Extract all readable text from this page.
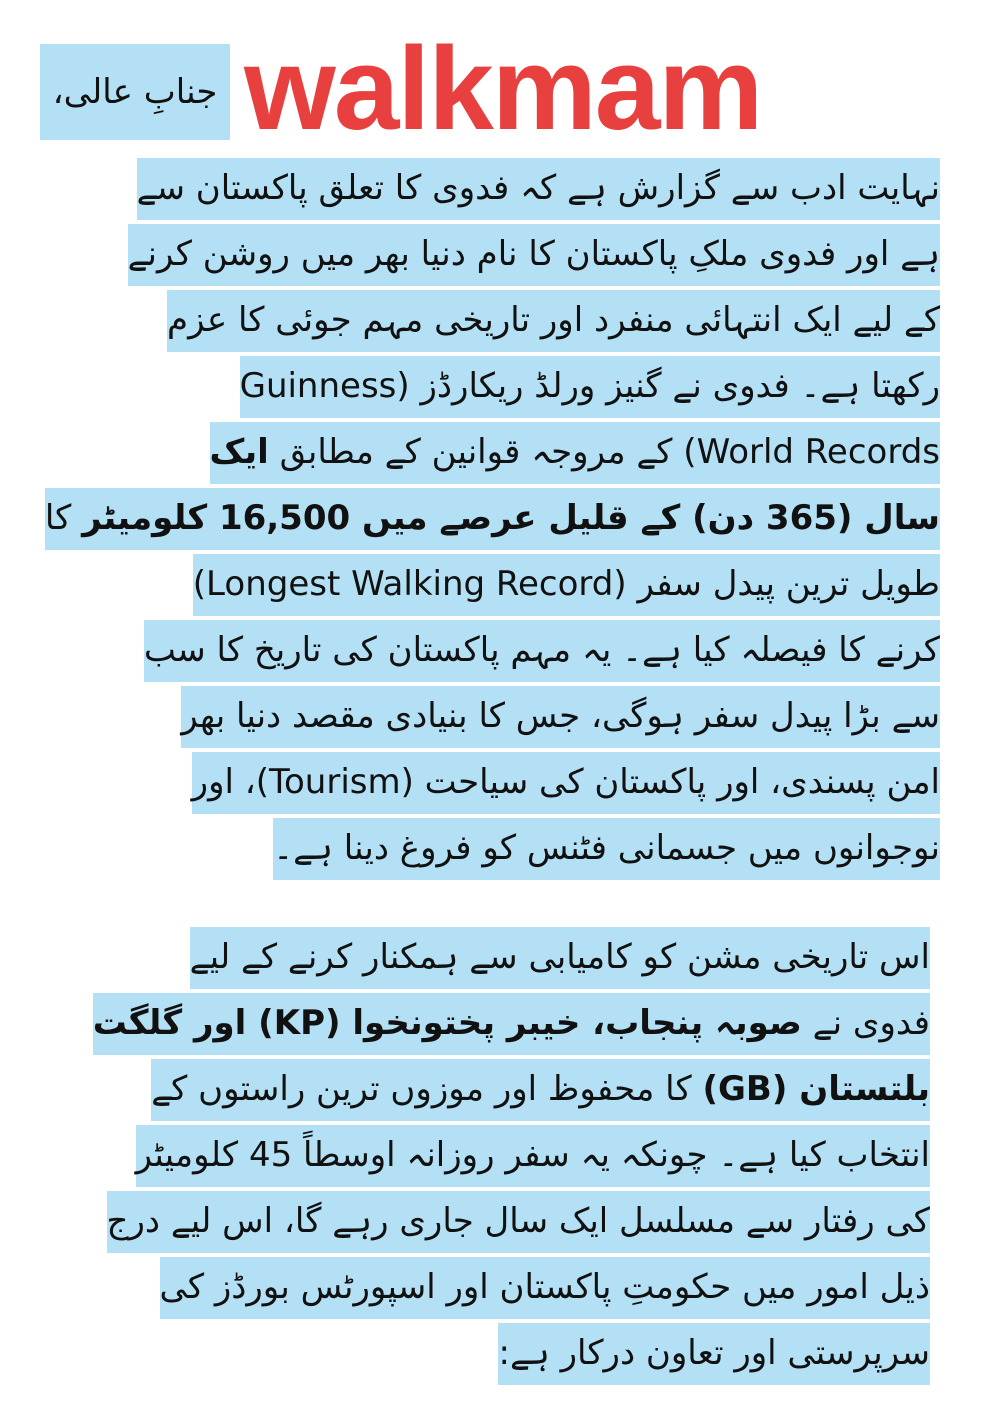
جنابِ عالی، walkmam
نہایت ادب سے گزارش ہے کہ فدوی کا تعلق پاکستان سے
ہے اور فدوی ملکِ پاکستان کا نام دنیا بھر میں روشن کرنے
کے لیے ایک انتہائی منفرد اور تاریخی مہم جوئی کا عزم
رکھتا ہے۔ فدوی نے گنیز ورلڈ ریکارڈز (Guinness
World Records) کے مروجہ قوانین کے مطابق ایک
سال (365 دن) کے قلیل عرصے میں 16,500 کلومیٹر کا
طویل ترین پیدل سفر (Longest Walking Record)
کرنے کا فیصلہ کیا ہے۔ یہ مہم پاکستان کی تاریخ کا سب
سے بڑا پیدل سفر ہوگی، جس کا بنیادی مقصد دنیا بھر
امن پسندی، اور پاکستان کی سیاحت (Tourism)، اور
نوجوانوں میں جسمانی فٹنس کو فروغ دینا ہے۔
اس تاریخی مشن کو کامیابی سے ہمکنار کرنے کے لیے
فدوی نے صوبہ پنجاب، خیبر پختونخوا (KP) اور گلگت
بلتستان (GB) کا محفوظ اور موزوں ترین راستوں کے
انتخاب کیا ہے۔ چونکہ یہ سفر روزانہ اوسطاً 45 کلومیٹر
کی رفتار سے مسلسل ایک سال جاری رہے گا، اس لیے درج
ذیل امور میں حکومتِ پاکستان اور اسپورٹس بورڈز کی
سرپرستی اور تعاون درکار ہے:
